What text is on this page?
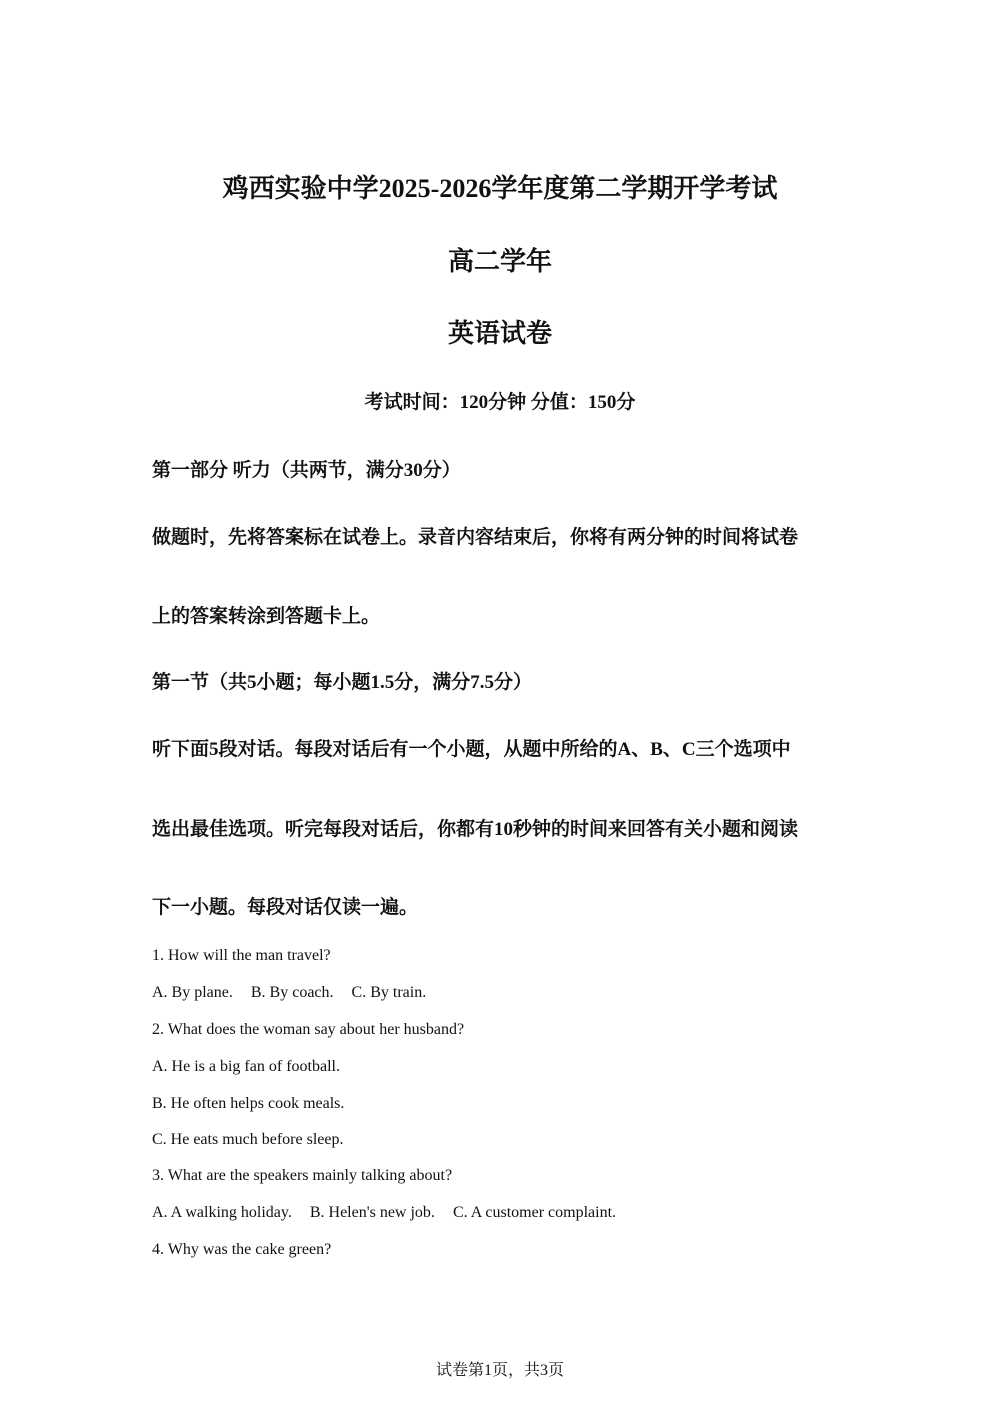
鸡西实验中学2025-2026学年度第二学期开学考试
高二学年
英语试卷
考试时间：120分钟 分值：150分
第一部分 听力（共两节，满分30分）
做题时，先将答案标在试卷上。录音内容结束后，你将有两分钟的时间将试卷
上的答案转涂到答题卡上。
第一节（共5小题；每小题1.5分，满分7.5分）
听下面5段对话。每段对话后有一个小题，从题中所给的A、B、C三个选项中
选出最佳选项。听完每段对话后，你都有10秒钟的时间来回答有关小题和阅读
下一小题。每段对话仅读一遍。
1. How will the man travel?
A. By plane. B. By coach. C. By train.
2. What does the woman say about her husband?
A. He is a big fan of football.
B. He often helps cook meals.
C. He eats much before sleep.
3. What are the speakers mainly talking about?
A. A walking holiday. B. Helen's new job. C. A customer complaint.
4. Why was the cake green?
试卷第1页，共3页
